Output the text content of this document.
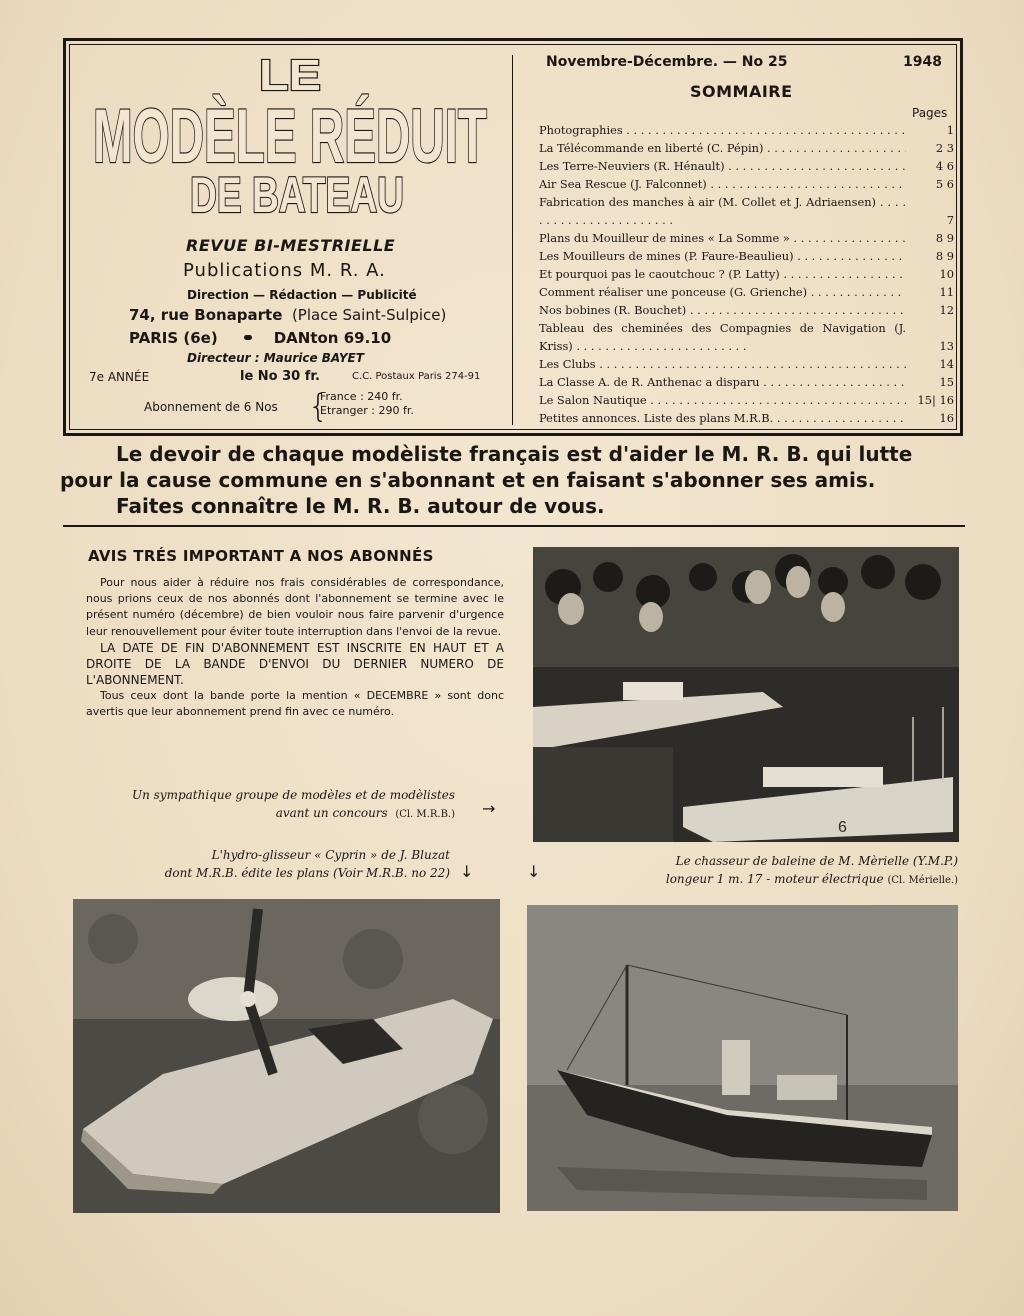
LE
MODÈLE RÉDUIT
DE BATEAU
REVUE BI-MESTRIELLE
Publications M. R. A.
Direction — Rédaction — Publicité
74, rue Bonaparte (Place Saint-Sulpice)
PARIS (6e)	DANton 69.10
Directeur : Maurice BAYET
7e ANNÉE	le No 30 fr.	C.C. Postaux Paris 274-91
Abonnement de 6 Nos {
France : 240 fr.
Etranger : 290 fr.
Novembre-Décembre. — No 25	1948
SOMMAIRE
Pages
Photographies . . .	1
La Télécommande en liberté (C. Pépin) . . .	2 3
Les Terre-Neuviers (R. Hénault) . . .	4 6
Air Sea Rescue (J. Falconnet) . . .	5 6
Fabrication des manches à air (M. Collet et J. Adriaensen) . . . . . . . . . . . . . . . . . . . . . . .	7
Plans du Mouilleur de mines « La Somme » . . .	8 9
Les Mouilleurs de mines (P. Faure-Beaulieu) . . .	8 9
Et pourquoi pas le caoutchouc ? (P. Latty) . . .	10
Comment réaliser une ponceuse (G. Grienche) . . .	11
Nos bobines (R. Bouchet) . . .	12
Tableau des cheminées des Compagnies de Navigation (J. Kriss) . . . . . . . . . . . . . . . . . . . . . . . .	13
Les Clubs . . .	14
La Classe A. de R. Anthenac a disparu . . .	15
Le Salon Nautique . . .	15| 16
Petites annonces. Liste des plans M.R.B. . . .	16
Le devoir de chaque modèliste français est d'aider le M. R. B. qui lutte
pour la cause commune en s'abonnant et en faisant s'abonner ses amis.
Faites connaître le M. R. B. autour de vous.
AVIS TRÉS IMPORTANT A NOS ABONNÉS

Pour nous aider à réduire nos frais considérables de correspondance, nous prions ceux de nos abonnés dont l'abonnement se termine avec le présent numéro (décembre) de bien vouloir nous faire parvenir d'urgence leur renouvellement pour éviter toute interruption dans l'envoi de la revue.

LA DATE DE FIN D'ABONNEMENT EST INSCRITE EN HAUT ET A DROITE DE LA BANDE D'ENVOI DU DERNIER NUMERO DE L'ABONNEMENT.

Tous ceux dont la bande porte la mention « DECEMBRE » sont donc avertis que leur abonnement prend fin avec ce numéro.

Un sympathique groupe de modèles et de modèlistes
avant un concours (Cl. M.R.B.) →
L'hydro-glisseur « Cyprin » de J. Bluzat
dont M.R.B. édite les plans (Voir M.R.B. no 22) ↓	↓
Le chasseur de baleine de M. Mèrielle (Y.M.P.)
longeur 1 m. 17 - moteur électrique (Cl. Mérielle.)
6
